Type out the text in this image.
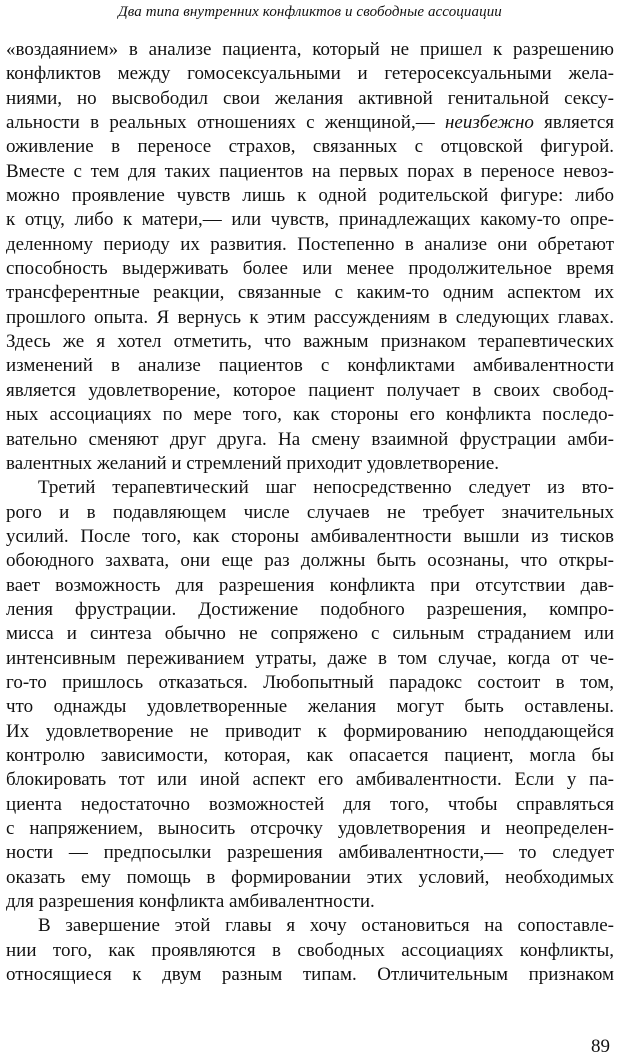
Два типа внутренних конфликтов и свободные ассоциации
«воздаянием» в анализе пациента, который не пришел к разрешению
конфликтов между гомосексуальными и гетеросексуальными жела-
ниями, но высвободил свои желания активной генитальной сексу-
альности в реальных отношениях с женщиной,— неизбежно является
оживление в переносе страхов, связанных с отцовской фигурой.
Вместе с тем для таких пациентов на первых порах в переносе невоз-
можно проявление чувств лишь к одной родительской фигуре: либо
к отцу, либо к матери,— или чувств, принадлежащих какому-то опре-
деленному периоду их развития. Постепенно в анализе они обретают
способность выдерживать более или менее продолжительное время
трансферентные реакции, связанные с каким-то одним аспектом их
прошлого опыта. Я вернусь к этим рассуждениям в следующих главах.
Здесь же я хотел отметить, что важным признаком терапевтических
изменений в анализе пациентов с конфликтами амбивалентности
является удовлетворение, которое пациент получает в своих свобод-
ных ассоциациях по мере того, как стороны его конфликта последо-
вательно сменяют друг друга. На смену взаимной фрустрации амби-
валентных желаний и стремлений приходит удовлетворение.
Третий терапевтический шаг непосредственно следует из вто-
рого и в подавляющем числе случаев не требует значительных
усилий. После того, как стороны амбивалентности вышли из тисков
обоюдного захвата, они еще раз должны быть осознаны, что откры-
вает возможность для разрешения конфликта при отсутствии дав-
ления фрустрации. Достижение подобного разрешения, компро-
мисса и синтеза обычно не сопряжено с сильным страданием или
интенсивным переживанием утраты, даже в том случае, когда от че-
го-то пришлось отказаться. Любопытный парадокс состоит в том,
что однажды удовлетворенные желания могут быть оставлены.
Их удовлетворение не приводит к формированию неподдающейся
контролю зависимости, которая, как опасается пациент, могла бы
блокировать тот или иной аспект его амбивалентности. Если у па-
циента недостаточно возможностей для того, чтобы справляться
с напряжением, выносить отсрочку удовлетворения и неопределен-
ности — предпосылки разрешения амбивалентности,— то следует
оказать ему помощь в формировании этих условий, необходимых
для разрешения конфликта амбивалентности.
В завершение этой главы я хочу остановиться на сопоставле-
нии того, как проявляются в свободных ассоциациях конфликты,
относящиеся к двум разным типам. Отличительным признаком
89
